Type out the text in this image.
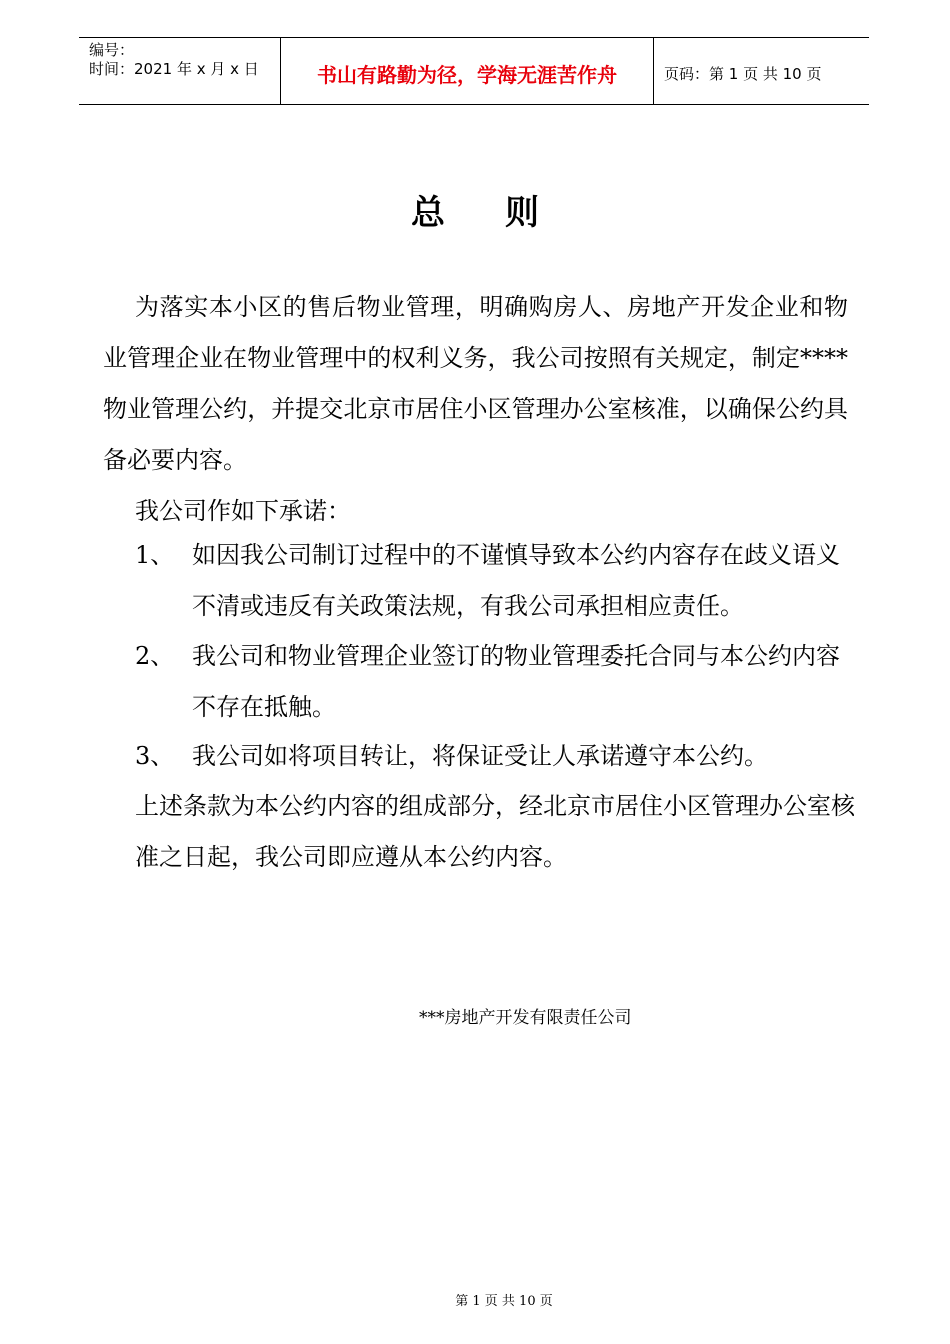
编号：
时间：2021 年 x 月 x 日	书山有路勤为径，学海无涯苦作舟	页码：第 1 页 共 10 页
总 则
为落实本小区的售后物业管理，明确购房人、房地产开发企业和物业管理企业在物业管理中的权利义务，我公司按照有关规定，制定****物业管理公约，并提交北京市居住小区管理办公室核准，以确保公约具备必要内容。
我公司作如下承诺：
1、 如因我公司制订过程中的不谨慎导致本公约内容存在歧义语义不清或违反有关政策法规，有我公司承担相应责任。
2、 我公司和物业管理企业签订的物业管理委托合同与本公约内容不存在抵触。
3、 我公司如将项目转让，将保证受让人承诺遵守本公约。
上述条款为本公约内容的组成部分，经北京市居住小区管理办公室核准之日起，我公司即应遵从本公约内容。
***房地产开发有限责任公司
第 1 页 共 10 页
